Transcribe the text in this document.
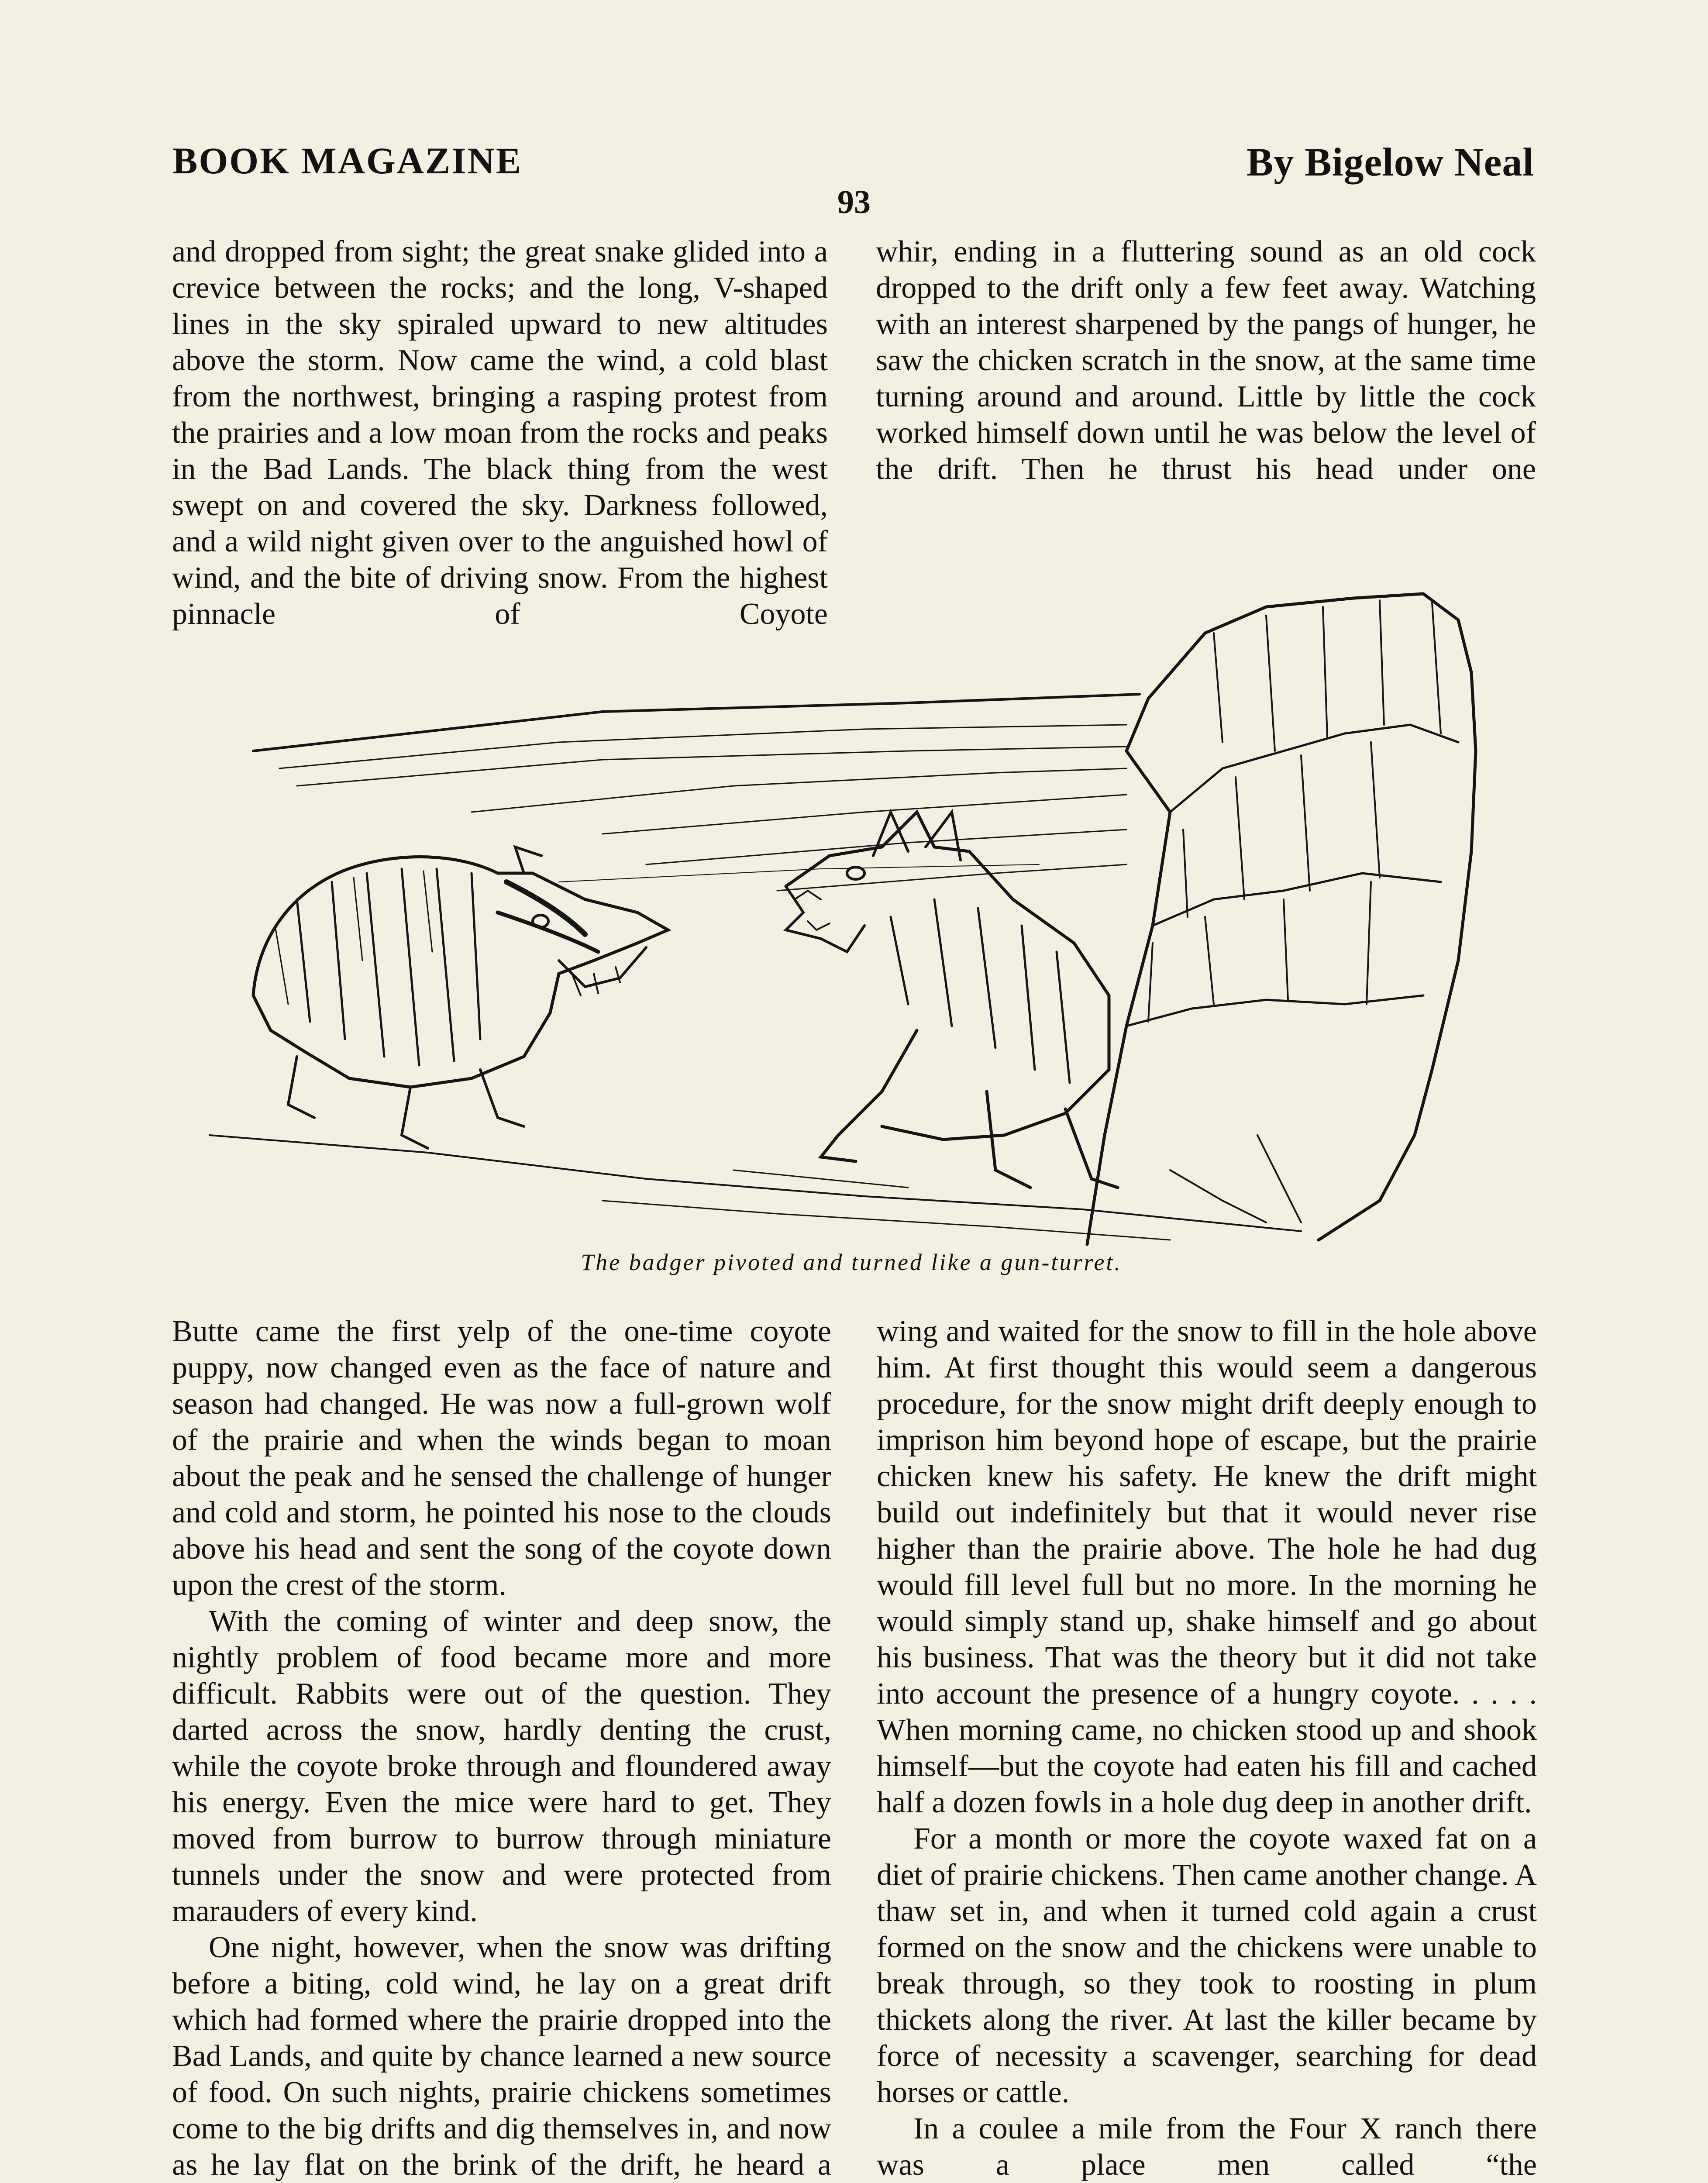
BOOK MAGAZINE	By Bigelow Neal
93

and dropped from sight; the great snake glided into a crevice between the rocks; and the long, V-shaped lines in the sky spiraled upward to new altitudes above the storm. Now came the wind, a cold blast from the northwest, bringing a rasping protest from the prairies and a low moan from the rocks and peaks in the Bad Lands. The black thing from the west swept on and covered the sky. Darkness followed, and a wild night given over to the anguished howl of wind, and the bite of driving snow. From the highest pinnacle of Coyote

whir, ending in a fluttering sound as an old cock dropped to the drift only a few feet away. Watching with an interest sharpened by the pangs of hunger, he saw the chicken scratch in the snow, at the same time turning around and around. Little by little the cock worked himself down until he was below the level of the drift. Then he thrust his head under one

The badger pivoted and turned like a gun-turret.

Butte came the first yelp of the one-time coyote puppy, now changed even as the face of nature and season had changed. He was now a full-grown wolf of the prairie and when the winds began to moan about the peak and he sensed the challenge of hunger and cold and storm, he pointed his nose to the clouds above his head and sent the song of the coyote down upon the crest of the storm.

With the coming of winter and deep snow, the nightly problem of food became more and more difficult. Rabbits were out of the question. They darted across the snow, hardly denting the crust, while the coyote broke through and floundered away his energy. Even the mice were hard to get. They moved from burrow to burrow through miniature tunnels under the snow and were protected from marauders of every kind.

One night, however, when the snow was drifting before a biting, cold wind, he lay on a great drift which had formed where the prairie dropped into the Bad Lands, and quite by chance learned a new source of food. On such nights, prairie chickens sometimes come to the big drifts and dig themselves in, and now as he lay flat on the brink of the drift, he heard a

wing and waited for the snow to fill in the hole above him. At first thought this would seem a dangerous procedure, for the snow might drift deeply enough to imprison him beyond hope of escape, but the prairie chicken knew his safety. He knew the drift might build out indefinitely but that it would never rise higher than the prairie above. The hole he had dug would fill level full but no more. In the morning he would simply stand up, shake himself and go about his business. That was the theory but it did not take into account the presence of a hungry coyote. . . . . When morning came, no chicken stood up and shook himself—but the coyote had eaten his fill and cached half a dozen fowls in a hole dug deep in another drift.

For a month or more the coyote waxed fat on a diet of prairie chickens. Then came another change. A thaw set in, and when it turned cold again a crust formed on the snow and the chickens were unable to break through, so they took to roosting in plum thickets along the river. At last the killer became by force of necessity a scavenger, searching for dead horses or cattle.

In a coulee a mile from the Four X ranch there was a place men called “the
